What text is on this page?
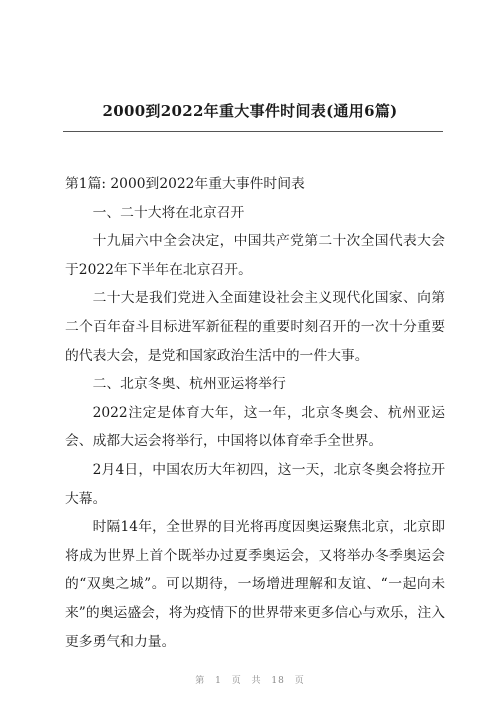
2000到2022年重大事件时间表(通用6篇)

第1篇: 2000到2022年重大事件时间表

一、二十大将在北京召开

十九届六中全会决定，中国共产党第二十次全国代表大会于2022年下半年在北京召开。

二十大是我们党进入全面建设社会主义现代化国家、向第二个百年奋斗目标进军新征程的重要时刻召开的一次十分重要的代表大会，是党和国家政治生活中的一件大事。

二、北京冬奥、杭州亚运将举行

2022注定是体育大年，这一年，北京冬奥会、杭州亚运会、成都大运会将举行，中国将以体育牵手全世界。

2月4日，中国农历大年初四，这一天，北京冬奥会将拉开大幕。

时隔14年，全世界的目光将再度因奥运聚焦北京，北京即将成为世界上首个既举办过夏季奥运会，又将举办冬季奥运会的“双奥之城”。可以期待，一场增进理解和友谊、“一起向未来”的奥运盛会，将为疫情下的世界带来更多信心与欢乐，注入更多勇气和力量。

第 1 页 共 18 页
